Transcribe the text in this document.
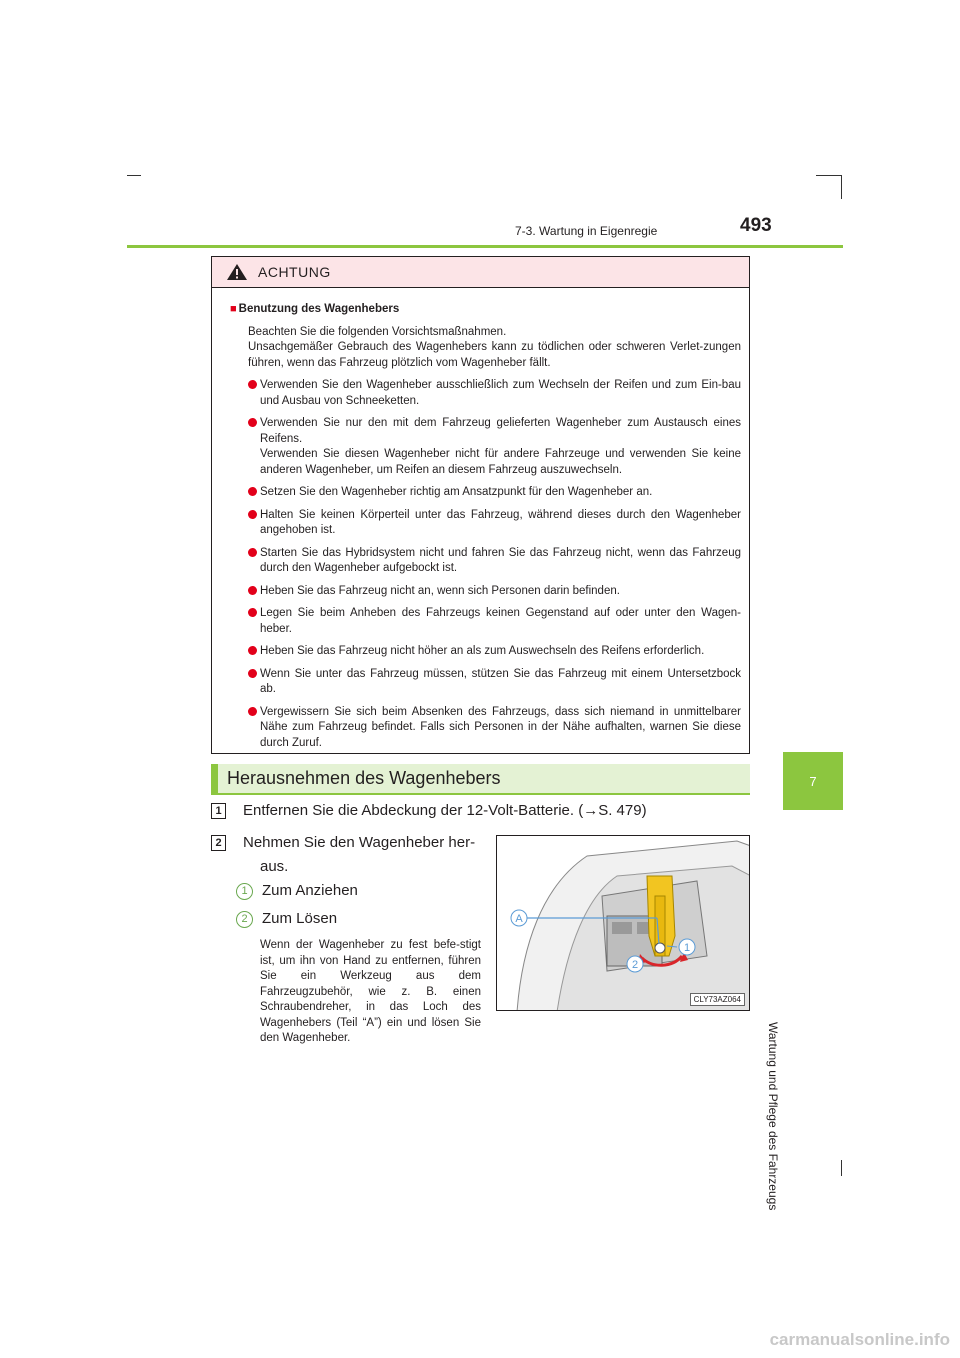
7-3. Wartung in Eigenregie	493
7
Wartung und Pflege des Fahrzeugs
ACHTUNG
■ Benutzung des Wagenhebers

Beachten Sie die folgenden Vorsichtsmaßnahmen.

Unsachgemäßer Gebrauch des Wagenhebers kann zu tödlichen oder schweren Verlet-zungen führen, wenn das Fahrzeug plötzlich vom Wagenheber fällt.

Verwenden Sie den Wagenheber ausschließlich zum Wechseln der Reifen und zum Ein-bau und Ausbau von Schneeketten.
Verwenden Sie nur den mit dem Fahrzeug gelieferten Wagenheber zum Austausch eines Reifens.
Verwenden Sie diesen Wagenheber nicht für andere Fahrzeuge und verwenden Sie keine anderen Wagenheber, um Reifen an diesem Fahrzeug auszuwechseln.
Setzen Sie den Wagenheber richtig am Ansatzpunkt für den Wagenheber an.
Halten Sie keinen Körperteil unter das Fahrzeug, während dieses durch den Wagenheber angehoben ist.
Starten Sie das Hybridsystem nicht und fahren Sie das Fahrzeug nicht, wenn das Fahrzeug durch den Wagenheber aufgebockt ist.
Heben Sie das Fahrzeug nicht an, wenn sich Personen darin befinden.
Legen Sie beim Anheben des Fahrzeugs keinen Gegenstand auf oder unter den Wagen-heber.
Heben Sie das Fahrzeug nicht höher an als zum Auswechseln des Reifens erforderlich.
Wenn Sie unter das Fahrzeug müssen, stützen Sie das Fahrzeug mit einem Untersetzbock ab.
Vergewissern Sie sich beim Absenken des Fahrzeugs, dass sich niemand in unmittelbarer Nähe zum Fahrzeug befindet. Falls sich Personen in der Nähe aufhalten, warnen Sie diese durch Zuruf.
Herausnehmen des Wagenhebers
1 Entfernen Sie die Abdeckung der 12-Volt-Batterie. (→S. 479)
2 Nehmen Sie den Wagenheber her-
aus.
1 Zum Anziehen
2 Zum Lösen
Wenn der Wagenheber zu fest befe-stigt ist, um ihn von Hand zu entfernen, führen Sie ein Werkzeug aus dem Fahrzeugzubehör, wie z. B. einen Schraubendreher, in das Loch des Wagenhebers (Teil “A”) ein und lösen Sie den Wagenheber.
A
1
2
CLY73AZ064
carmanualsonline.info
